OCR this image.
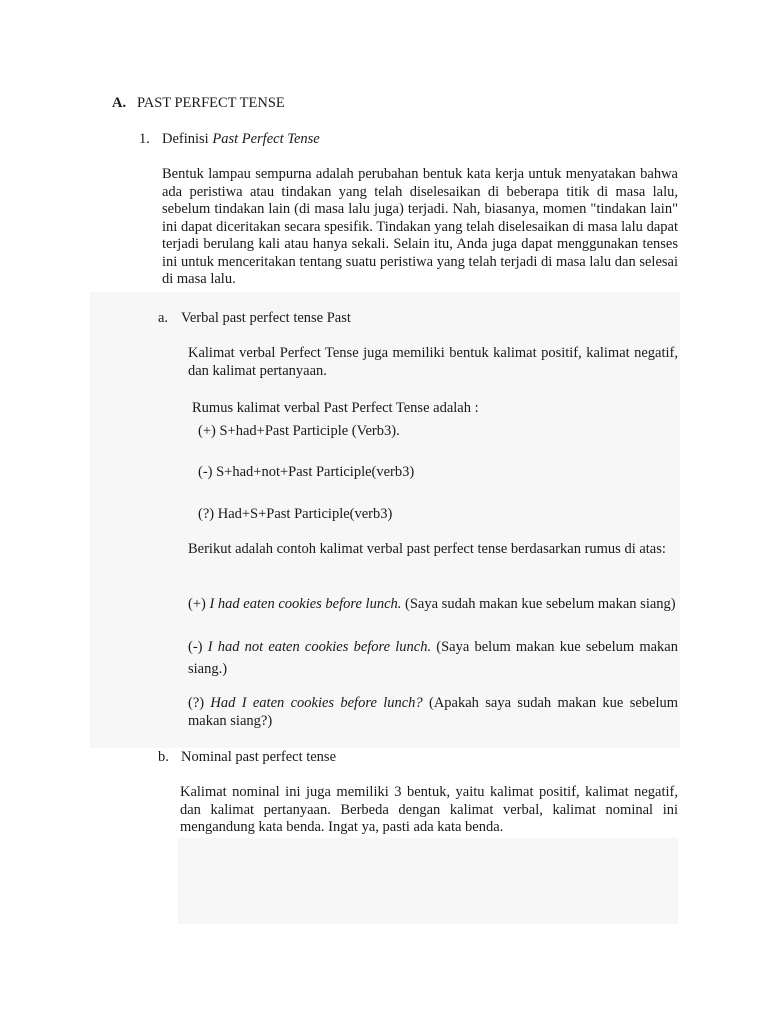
A. PAST PERFECT TENSE
1. Definisi Past Perfect Tense
Bentuk lampau sempurna adalah perubahan bentuk kata kerja untuk menyatakan bahwa ada peristiwa atau tindakan yang telah diselesaikan di beberapa titik di masa lalu, sebelum tindakan lain (di masa lalu juga) terjadi. Nah, biasanya, momen "tindakan lain" ini dapat diceritakan secara spesifik. Tindakan yang telah diselesaikan di masa lalu dapat terjadi berulang kali atau hanya sekali. Selain itu, Anda juga dapat menggunakan tenses ini untuk menceritakan tentang suatu peristiwa yang telah terjadi di masa lalu dan selesai di masa lalu.
a. Verbal past perfect tense Past
Kalimat verbal Perfect Tense juga memiliki bentuk kalimat positif, kalimat negatif, dan kalimat pertanyaan.
Rumus kalimat verbal Past Perfect Tense adalah :
(+) S+had+Past Participle (Verb3).
(-) S+had+not+Past Participle(verb3)
(?) Had+S+Past Participle(verb3)
Berikut adalah contoh kalimat verbal past perfect tense berdasarkan rumus di atas:
(+) I had eaten cookies before lunch. (Saya sudah makan kue sebelum makan siang)
(-) I had not eaten cookies before lunch. (Saya belum makan kue sebelum makan siang.)
(?) Had I eaten cookies before lunch? (Apakah saya sudah makan kue sebelum makan siang?)
b. Nominal past perfect tense
Kalimat nominal ini juga memiliki 3 bentuk, yaitu kalimat positif, kalimat negatif, dan kalimat pertanyaan. Berbeda dengan kalimat verbal, kalimat nominal ini mengandung kata benda. Ingat ya, pasti ada kata benda.
